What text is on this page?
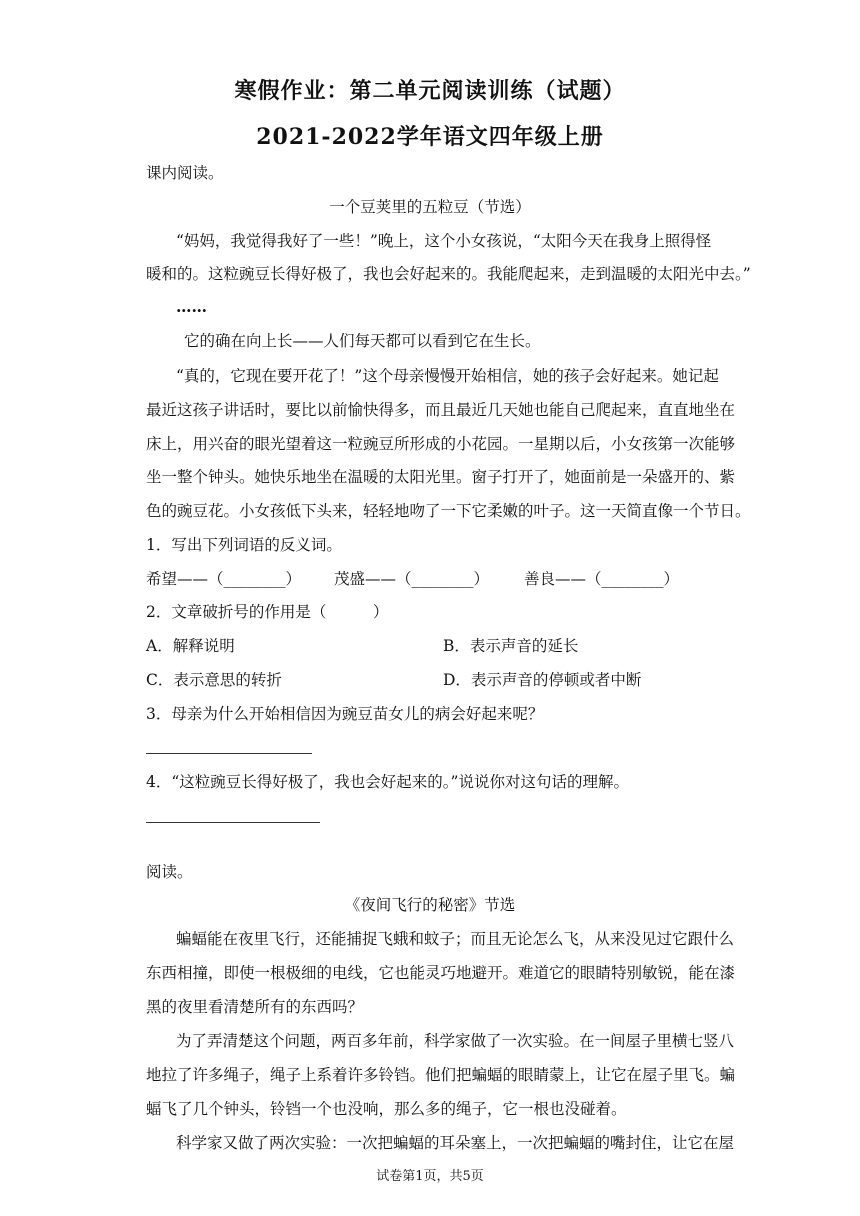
寒假作业：第二单元阅读训练（试题）
2021-2022学年语文四年级上册
课内阅读。
一个豆荚里的五粒豆（节选）
“妈妈，我觉得我好了一些！”晚上，这个小女孩说，“太阳今天在我身上照得怪
暖和的。这粒豌豆长得好极了，我也会好起来的。我能爬起来，走到温暖的太阳光中去。”
……
它的确在向上长——人们每天都可以看到它在生长。
“真的，它现在要开花了！”这个母亲慢慢开始相信，她的孩子会好起来。她记起
最近这孩子讲话时，要比以前愉快得多，而且最近几天她也能自己爬起来，直直地坐在
床上，用兴奋的眼光望着这一粒豌豆所形成的小花园。一星期以后，小女孩第一次能够
坐一整个钟头。她快乐地坐在温暖的太阳光里。窗子打开了，她面前是一朵盛开的、紫
色的豌豆花。小女孩低下头来，轻轻地吻了一下它柔嫩的叶子。这一天简直像一个节日。
1．写出下列词语的反义词。
希望——（________）	茂盛——（________）	善良——（________）
2．文章破折号的作用是（　　　）
A．解释说明	B．表示声音的延长
C．表示意思的转折	D．表示声音的停顿或者中断
3．母亲为什么开始相信因为豌豆苗女儿的病会好起来呢？
4．“这粒豌豆长得好极了，我也会好起来的。”说说你对这句话的理解。
阅读。
《夜间飞行的秘密》节选
蝙蝠能在夜里飞行，还能捕捉飞蛾和蚊子；而且无论怎么飞，从来没见过它跟什么
东西相撞，即使一根极细的电线，它也能灵巧地避开。难道它的眼睛特别敏锐，能在漆
黑的夜里看清楚所有的东西吗？
为了弄清楚这个问题，两百多年前，科学家做了一次实验。在一间屋子里横七竖八
地拉了许多绳子，绳子上系着许多铃铛。他们把蝙蝠的眼睛蒙上，让它在屋子里飞。蝙
蝠飞了几个钟头，铃铛一个也没响，那么多的绳子，它一根也没碰着。
科学家又做了两次实验：一次把蝙蝠的耳朵塞上，一次把蝙蝠的嘴封住，让它在屋
试卷第1页，共5页
